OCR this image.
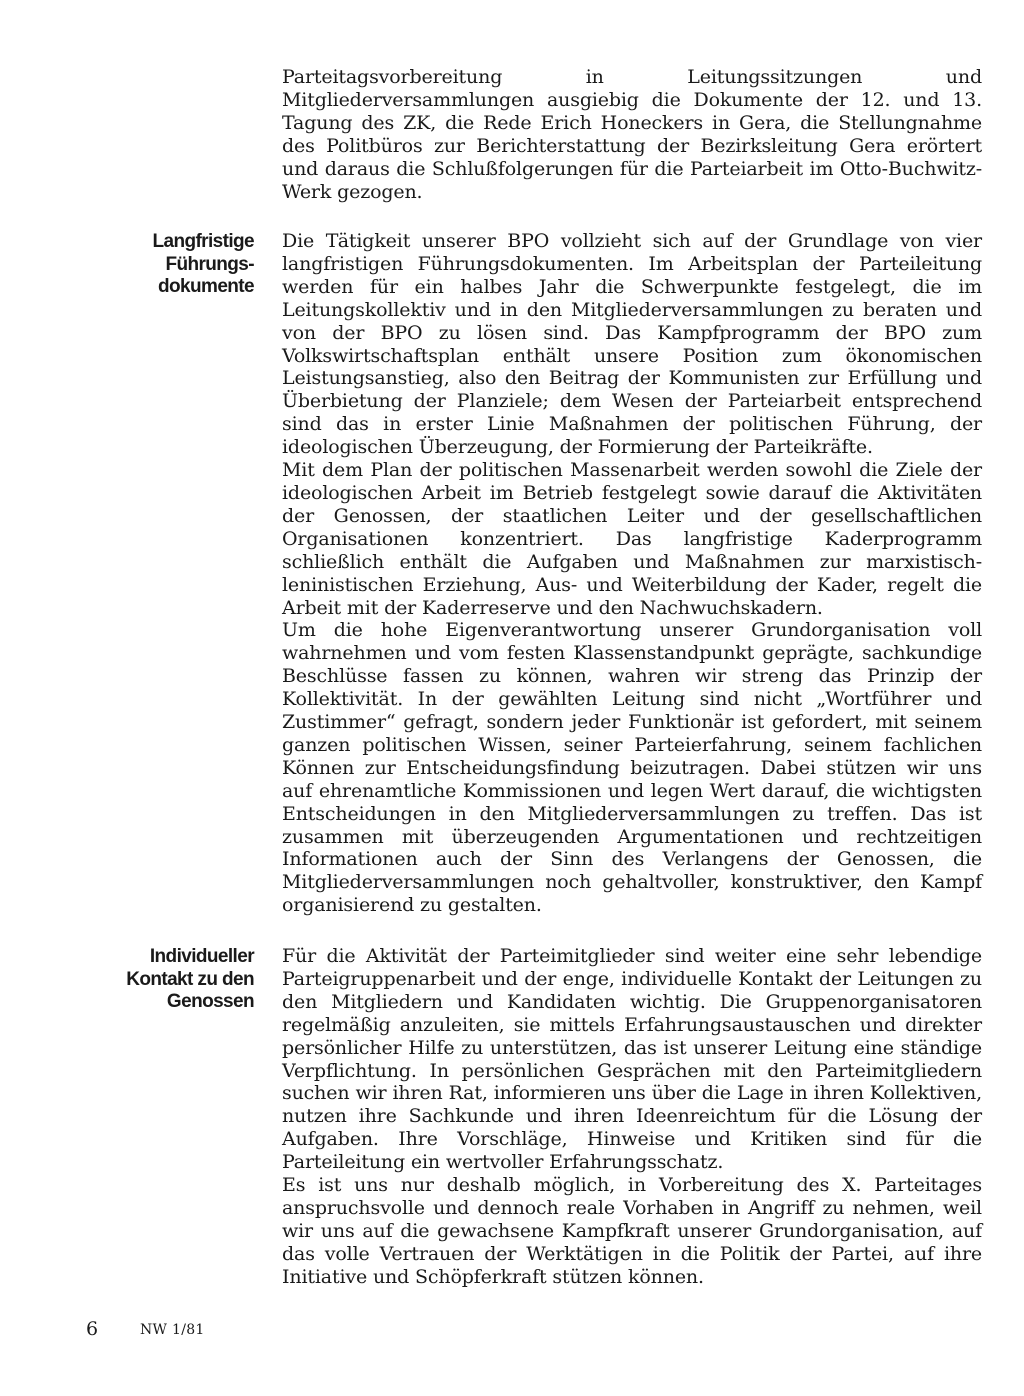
Parteitagsvorbereitung in Leitungssitzungen und Mitgliederversammlungen ausgiebig die Dokumente der 12. und 13. Tagung des ZK, die Rede Erich Honeckers in Gera, die Stellungnahme des Politbüros zur Berichterstattung der Bezirksleitung Gera erörtert und daraus die Schlußfolgerungen für die Parteiarbeit im Otto-Buchwitz-Werk gezogen.

Langfristige
Führungs-
dokumente

Die Tätigkeit unserer BPO vollzieht sich auf der Grundlage von vier langfristigen Führungsdokumenten. Im Arbeitsplan der Parteileitung werden für ein halbes Jahr die Schwerpunkte festgelegt, die im Leitungskollektiv und in den Mitgliederversammlungen zu beraten und von der BPO zu lösen sind. Das Kampfprogramm der BPO zum Volkswirtschaftsplan enthält unsere Position zum ökonomischen Leistungsanstieg, also den Beitrag der Kommunisten zur Erfüllung und Überbietung der Planziele; dem Wesen der Parteiarbeit entsprechend sind das in erster Linie Maßnahmen der politischen Führung, der ideologischen Überzeugung, der Formierung der Parteikräfte.

Mit dem Plan der politischen Massenarbeit werden sowohl die Ziele der ideologischen Arbeit im Betrieb festgelegt sowie darauf die Aktivitäten der Genossen, der staatlichen Leiter und der gesellschaftlichen Organisationen konzentriert. Das langfristige Kaderprogramm schließlich enthält die Aufgaben und Maßnahmen zur marxistisch-leninistischen Erziehung, Aus- und Weiterbildung der Kader, regelt die Arbeit mit der Kaderreserve und den Nachwuchskadern.

Um die hohe Eigenverantwortung unserer Grundorganisation voll wahrnehmen und vom festen Klassenstandpunkt geprägte, sachkundige Beschlüsse fassen zu können, wahren wir streng das Prinzip der Kollektivität. In der gewählten Leitung sind nicht „Wortführer und Zustimmer“ gefragt, sondern jeder Funktionär ist gefordert, mit seinem ganzen politischen Wissen, seiner Parteierfahrung, seinem fachlichen Können zur Entscheidungsfindung beizutragen. Dabei stützen wir uns auf ehrenamtliche Kommissionen und legen Wert darauf, die wichtigsten Entscheidungen in den Mitgliederversammlungen zu treffen. Das ist zusammen mit überzeugenden Argumentationen und rechtzeitigen Informationen auch der Sinn des Verlangens der Genossen, die Mitgliederversammlungen noch gehaltvoller, konstruktiver, den Kampf organisierend zu gestalten.

Individueller
Kontakt zu den
Genossen

Für die Aktivität der Parteimitglieder sind weiter eine sehr lebendige Parteigruppenarbeit und der enge, individuelle Kontakt der Leitungen zu den Mitgliedern und Kandidaten wichtig. Die Gruppenorganisatoren regelmäßig anzuleiten, sie mittels Erfahrungsaustauschen und direkter persönlicher Hilfe zu unterstützen, das ist unserer Leitung eine ständige Verpflichtung. In persönlichen Gesprächen mit den Parteimitgliedern suchen wir ihren Rat, informieren uns über die Lage in ihren Kollektiven, nutzen ihre Sachkunde und ihren Ideenreichtum für die Lösung der Aufgaben. Ihre Vorschläge, Hinweise und Kritiken sind für die Parteileitung ein wertvoller Erfahrungsschatz.

Es ist uns nur deshalb möglich, in Vorbereitung des X. Parteitages anspruchsvolle und dennoch reale Vorhaben in Angriff zu nehmen, weil wir uns auf die gewachsene Kampfkraft unserer Grundorganisation, auf das volle Vertrauen der Werktätigen in die Politik der Partei, auf ihre Initiative und Schöpferkraft stützen können.

6	NW 1/81
